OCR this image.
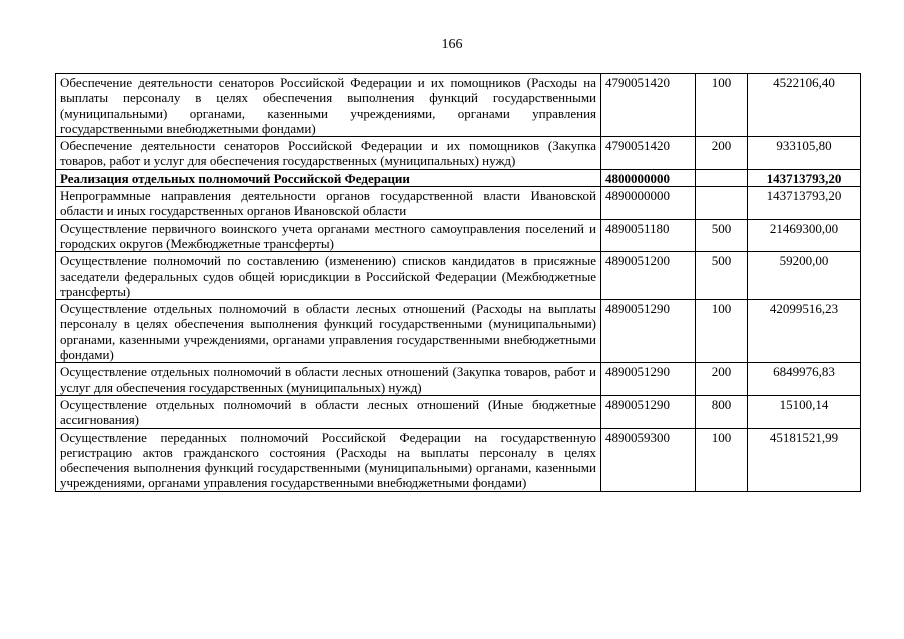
166
Обеспечение деятельности сенаторов Российской Федерации и их помощников (Расходы на выплаты персоналу в целях обеспечения выполнения функций государственными (муниципальными) органами, казенными учреждениями, органами управления государственными внебюджетными фондами)	4790051420	100	4522106,40
Обеспечение деятельности сенаторов Российской Федерации и их помощников (Закупка товаров, работ и услуг для обеспечения государственных (муниципальных) нужд)	4790051420	200	933105,80
Реализация отдельных полномочий Российской Федерации	4800000000		143713793,20
Непрограммные направления деятельности органов государственной власти Ивановской области и иных государственных органов Ивановской области	4890000000		143713793,20
Осуществление первичного воинского учета органами местного самоуправления поселений и городских округов (Межбюджетные трансферты)	4890051180	500	21469300,00
Осуществление полномочий по составлению (изменению) списков кандидатов в присяжные заседатели федеральных судов общей юрисдикции в Российской Федерации (Межбюджетные трансферты)	4890051200	500	59200,00
Осуществление отдельных полномочий в области лесных отношений (Расходы на выплаты персоналу в целях обеспечения выполнения функций государственными (муниципальными) органами, казенными учреждениями, органами управления государственными внебюджетными фондами)	4890051290	100	42099516,23
Осуществление отдельных полномочий в области лесных отношений (Закупка товаров, работ и услуг для обеспечения государственных (муниципальных) нужд)	4890051290	200	6849976,83
Осуществление отдельных полномочий в области лесных отношений (Иные бюджетные ассигнования)	4890051290	800	15100,14
Осуществление переданных полномочий Российской Федерации на государственную регистрацию актов гражданского состояния (Расходы на выплаты персоналу в целях обеспечения выполнения функций государственными (муниципальными) органами, казенными учреждениями, органами управления государственными внебюджетными фондами)	4890059300	100	45181521,99
